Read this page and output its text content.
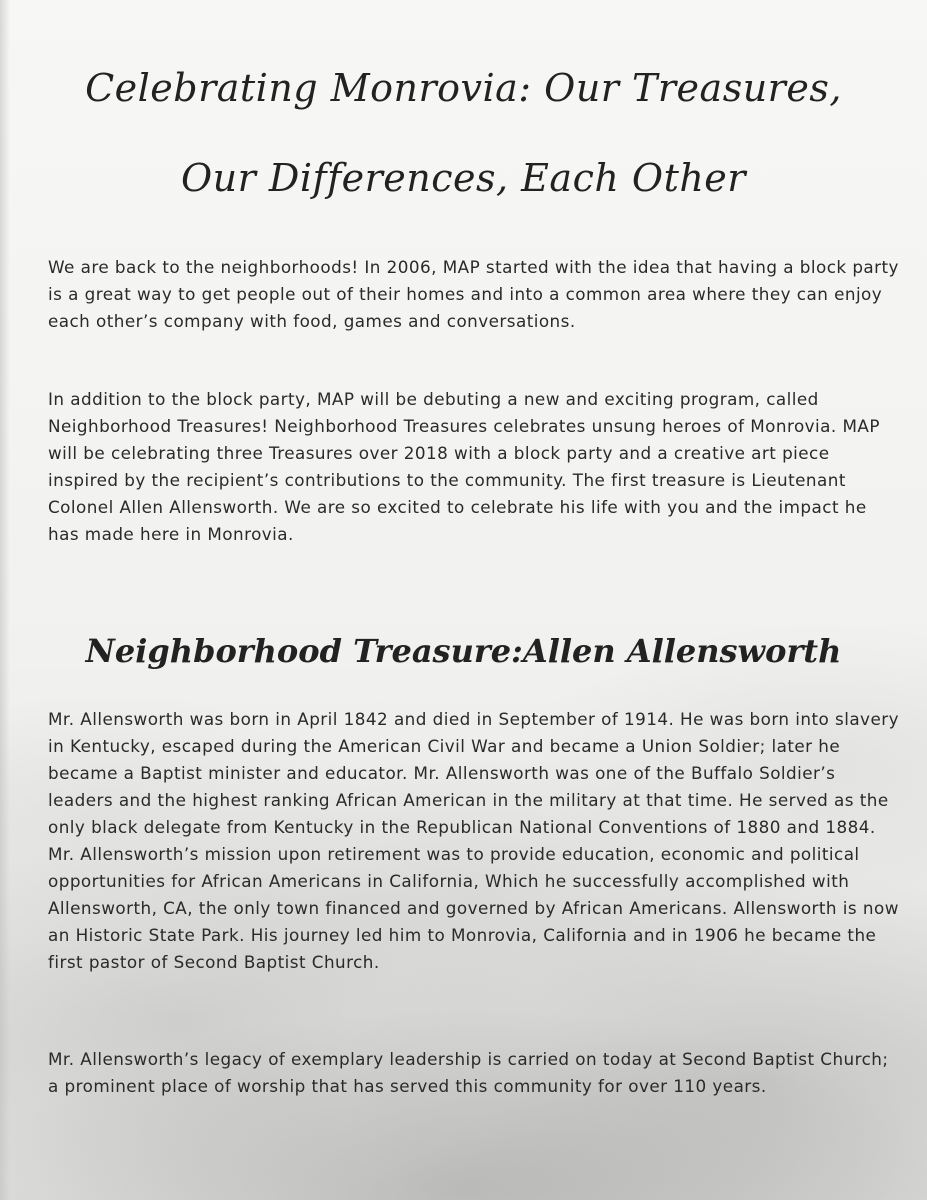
Celebrating Monrovia: Our Treasures,
Our Differences, Each Other

We are back to the neighborhoods! In 2006, MAP started with the idea that having a block party is a great way to get people out of their homes and into a common area where they can enjoy each other’s company with food, games and conversations.

In addition to the block party, MAP will be debuting a new and exciting program, called Neighborhood Treasures! Neighborhood Treasures celebrates unsung heroes of Monrovia. MAP will be celebrating three Treasures over 2018 with a block party and a creative art piece inspired by the recipient’s contributions to the community. The first treasure is Lieutenant Colonel Allen Allensworth. We are so excited to celebrate his life with you and the impact he has made here in Monrovia.

Neighborhood Treasure:Allen Allensworth

Mr. Allensworth was born in April 1842 and died in September of 1914. He was born into slavery in Kentucky, escaped during the American Civil War and became a Union Soldier; later he became a Baptist minister and educator. Mr. Allensworth was one of the Buffalo Soldier’s leaders and the highest ranking African American in the military at that time. He served as the only black delegate from Kentucky in the Republican National Conventions of 1880 and 1884. Mr. Allensworth’s mission upon retirement was to provide education, economic and political opportunities for African Americans in California, Which he successfully accomplished with Allensworth, CA, the only town financed and governed by African Americans. Allensworth is now an Historic State Park. His journey led him to Monrovia, California and in 1906 he became the first pastor of Second Baptist Church.

Mr. Allensworth’s legacy of exemplary leadership is carried on today at Second Baptist Church; a prominent place of worship that has served this community for over 110 years.
